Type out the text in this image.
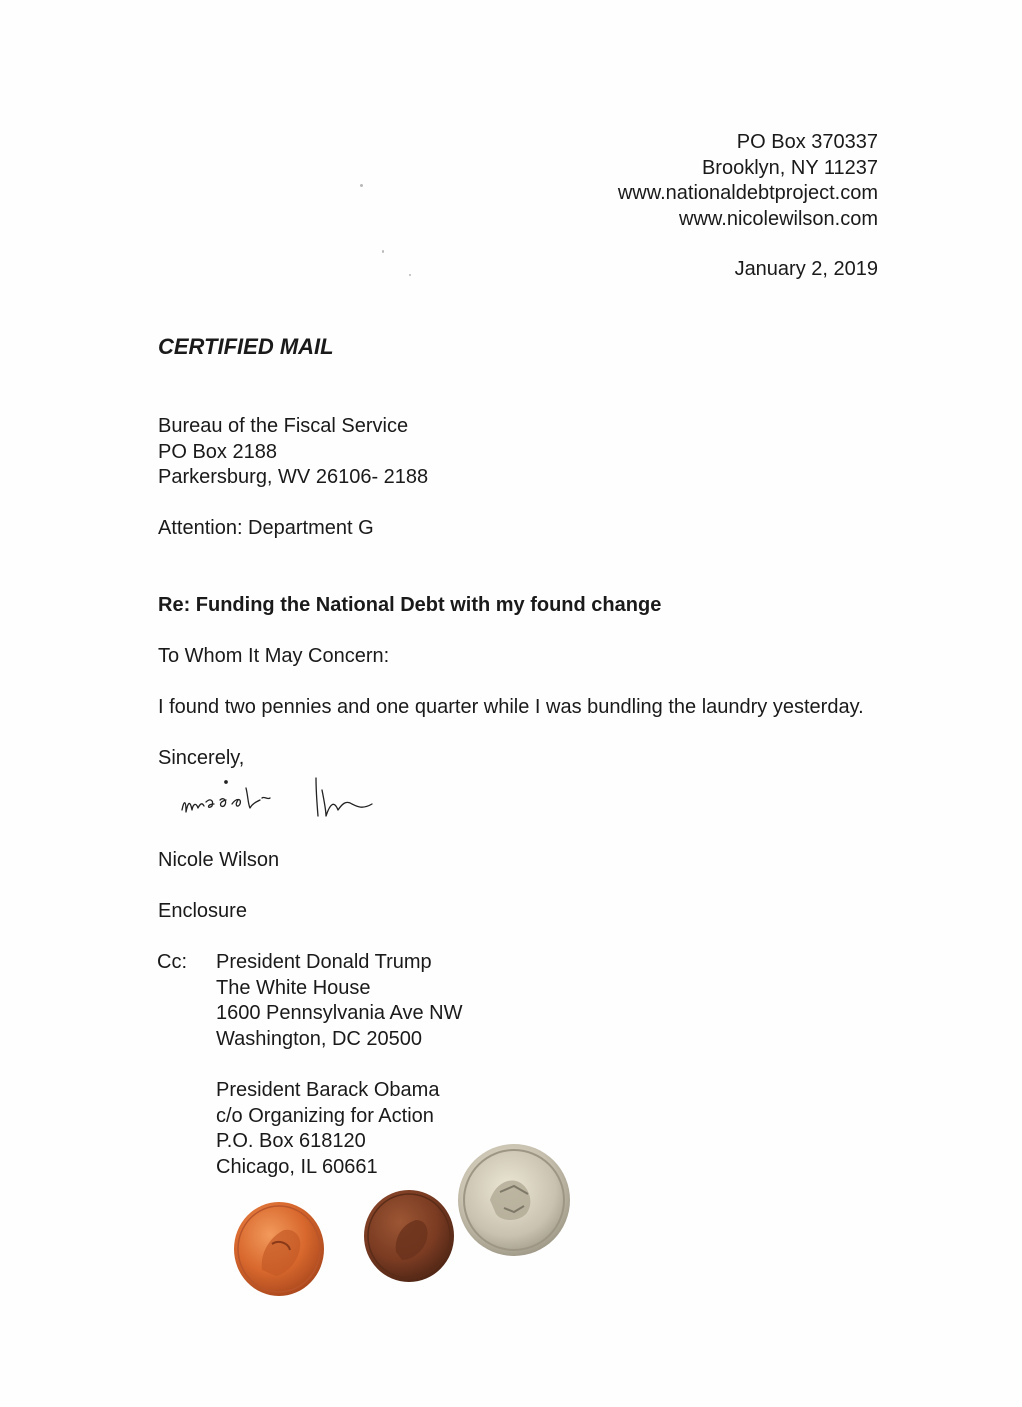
PO Box 370337
Brooklyn, NY 11237
www.nationaldebtproject.com
www.nicolewilson.com
January 2, 2019
CERTIFIED MAIL
Bureau of the Fiscal Service
PO Box 2188
Parkersburg, WV 26106- 2188
Attention: Department G
Re: Funding the National Debt with my found change
To Whom It May Concern:
I found two pennies and one quarter while I was bundling the laundry yesterday.
Sincerely,
Nicole Wilson
Enclosure
Cc: President Donald Trump
The White House
1600 Pennsylvania Ave NW
Washington, DC 20500
President Barack Obama
c/o Organizing for Action
P.O. Box 618120
Chicago, IL 60661
